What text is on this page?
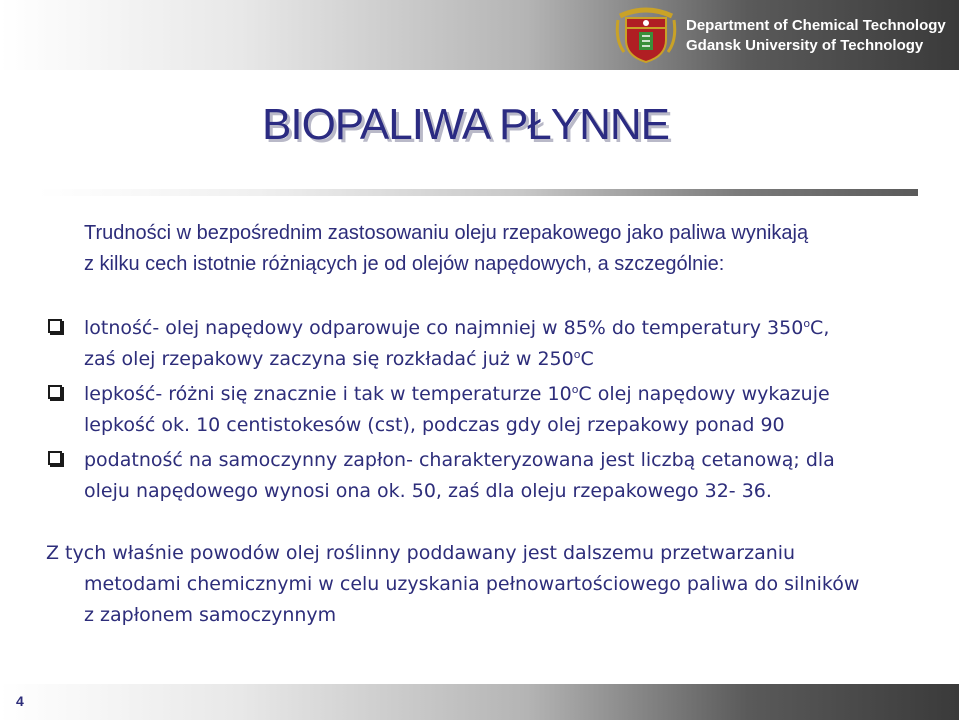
Department of Chemical Technology
Gdansk University of Technology
BIOPALIWA PŁYNNE
Trudności w bezpośrednim zastosowaniu oleju rzepakowego jako paliwa wynikają
z kilku cech istotnie różniących je od olejów napędowych, a szczególnie:
lotność- olej napędowy odparowuje co najmniej w 85% do temperatury 350$^o$C,
zaś olej rzepakowy zaczyna się rozkładać już w 250$^o$C
lepkość- różni się znacznie i tak w temperaturze 10$^o$C olej napędowy wykazuje
lepkość ok. 10 centistokesów (cst), podczas gdy olej rzepakowy ponad 90
podatność na samoczynny zapłon- charakteryzowana jest liczbą cetanową; dla
oleju napędowego wynosi ona ok. 50, zaś dla oleju rzepakowego 32- 36.
Z tych właśnie powodów olej roślinny poddawany jest dalszemu przetwarzaniu
metodami chemicznymi w celu uzyskania pełnowartościowego paliwa do silników
z zapłonem samoczynnym
4
